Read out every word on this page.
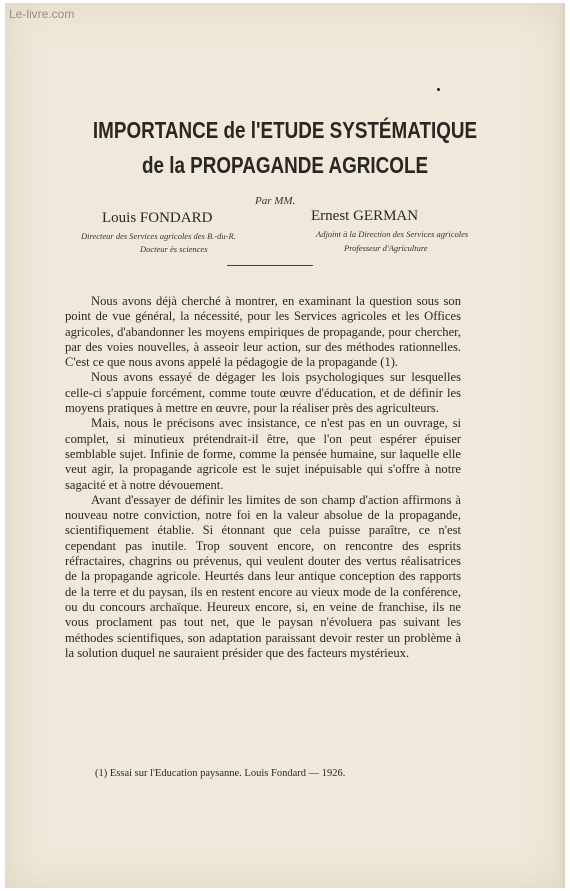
Le-livre.com
IMPORTANCE de l'ETUDE SYSTÉMATIQUE
de la PROPAGANDE AGRICOLE
Par MM.
Louis FONDARD
Directeur des Services agricoles des B.-du-R.
Docteur ès sciences
Ernest GERMAN
Adjoint à la Direction des Services agricoles
Professeur d'Agriculture

Nous avons déjà cherché à montrer, en examinant la question sous son point de vue général, la nécessité, pour les Services agricoles et les Offices agricoles, d'abandonner les moyens empiriques de propagande, pour chercher, par des voies nouvelles, à asseoir leur action, sur des méthodes rationnelles. C'est ce que nous avons appelé la pédagogie de la propagande (1).

Nous avons essayé de dégager les lois psychologiques sur lesquelles celle-ci s'appuie forcément, comme toute œuvre d'éducation, et de définir les moyens pratiques à mettre en œuvre, pour la réaliser près des agriculteurs.

Mais, nous le précisons avec insistance, ce n'est pas en un ouvrage, si complet, si minutieux prétendrait-il être, que l'on peut espérer épuiser semblable sujet. Infinie de forme, comme la pensée humaine, sur laquelle elle veut agir, la propagande agricole est le sujet inépuisable qui s'offre à notre sagacité et à notre dévouement.

Avant d'essayer de définir les limites de son champ d'action affirmons à nouveau notre conviction, notre foi en la valeur absolue de la propagande, scientifiquement établie. Si étonnant que cela puisse paraître, ce n'est cependant pas inutile. Trop souvent encore, on rencontre des esprits réfractaires, chagrins ou prévenus, qui veulent douter des vertus réalisatrices de la propagande agricole. Heurtés dans leur antique conception des rapports de la terre et du paysan, ils en restent encore au vieux mode de la conférence, ou du concours archaïque. Heureux encore, si, en veine de franchise, ils ne vous proclament pas tout net, que le paysan n'évoluera pas suivant les méthodes scientifiques, son adaptation paraissant devoir rester un problème à la solution duquel ne sauraient présider que des facteurs mystérieux.

(1) Essai sur l'Education paysanne. Louis Fondard — 1926.
